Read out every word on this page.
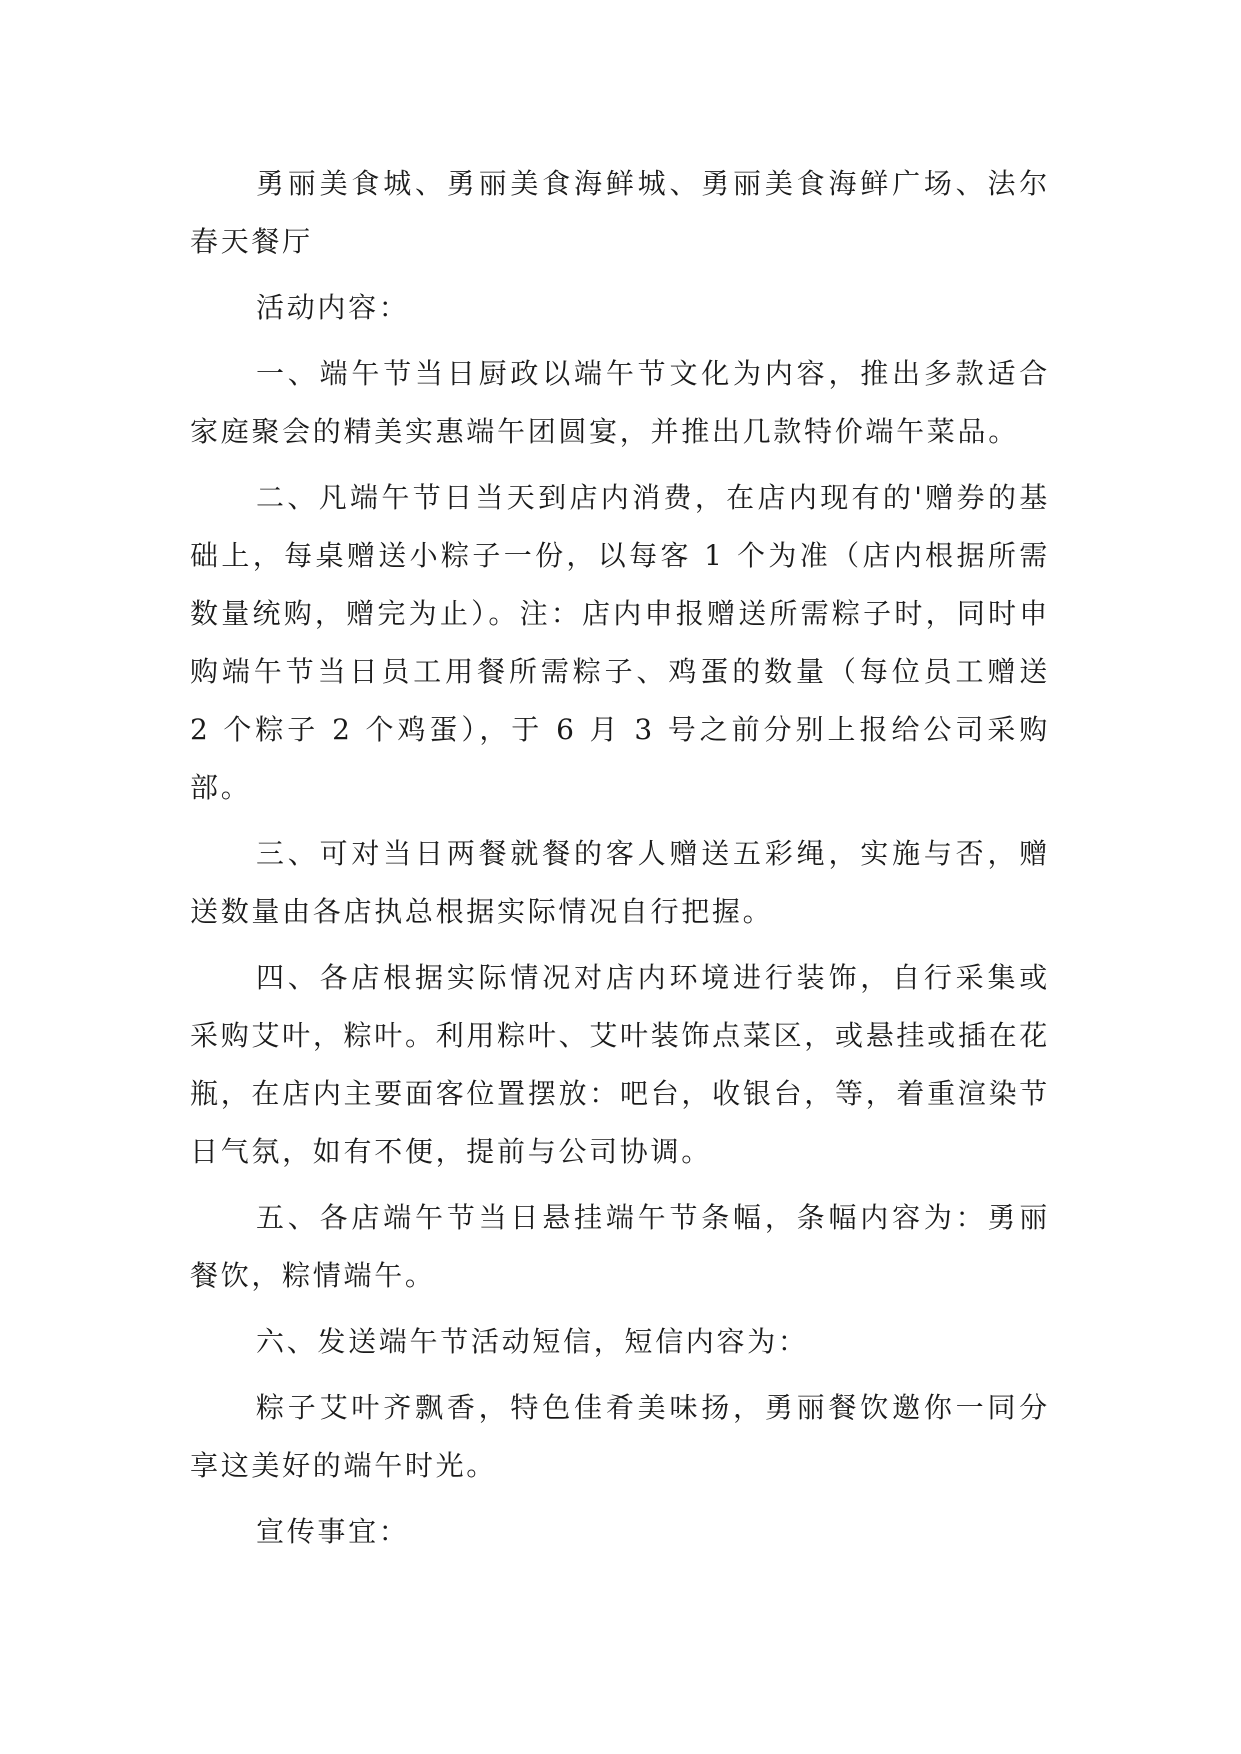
勇丽美食城、勇丽美食海鲜城、勇丽美食海鲜广场、法尔春天餐厅

活动内容：

一、端午节当日厨政以端午节文化为内容，推出多款适合家庭聚会的精美实惠端午团圆宴，并推出几款特价端午菜品。

二、凡端午节日当天到店内消费，在店内现有的'赠券的基础上，每桌赠送小粽子一份，以每客 1 个为准（店内根据所需数量统购，赠完为止）。注：店内申报赠送所需粽子时，同时申购端午节当日员工用餐所需粽子、鸡蛋的数量（每位员工赠送 2 个粽子 2 个鸡蛋），于 6 月 3 号之前分别上报给公司采购部。

三、可对当日两餐就餐的客人赠送五彩绳，实施与否，赠送数量由各店执总根据实际情况自行把握。

四、各店根据实际情况对店内环境进行装饰，自行采集或采购艾叶，粽叶。利用粽叶、艾叶装饰点菜区，或悬挂或插在花瓶，在店内主要面客位置摆放：吧台，收银台，等，着重渲染节日气氛，如有不便，提前与公司协调。

五、各店端午节当日悬挂端午节条幅，条幅内容为：勇丽餐饮，粽情端午。

六、发送端午节活动短信，短信内容为：

粽子艾叶齐飘香，特色佳肴美味扬，勇丽餐饮邀你一同分享这美好的端午时光。

宣传事宜：
